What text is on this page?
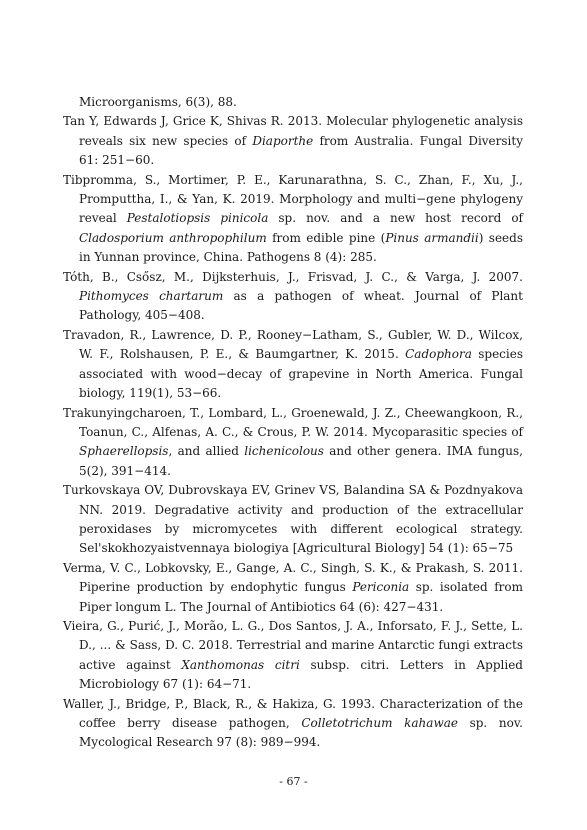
Microorganisms, 6(3), 88.

Tan Y, Edwards J, Grice K, Shivas R. 2013. Molecular phylogenetic analysis reveals six new species of Diaporthe from Australia. Fungal Diversity 61: 251−60.

Tibpromma, S., Mortimer, P. E., Karunarathna, S. C., Zhan, F., Xu, J., Promputtha, I., & Yan, K. 2019. Morphology and multi−gene phylogeny reveal Pestalotiopsis pinicola sp. nov. and a new host record of Cladosporium anthropophilum from edible pine (Pinus armandii) seeds in Yunnan province, China. Pathogens 8 (4): 285.

Tóth, B., Csősz, M., Dijksterhuis, J., Frisvad, J. C., & Varga, J. 2007. Pithomyces chartarum as a pathogen of wheat. Journal of Plant Pathology, 405−408.

Travadon, R., Lawrence, D. P., Rooney−Latham, S., Gubler, W. D., Wilcox, W. F., Rolshausen, P. E., & Baumgartner, K. 2015. Cadophora species associated with wood−decay of grapevine in North America. Fungal biology, 119(1), 53−66.

Trakunyingcharoen, T., Lombard, L., Groenewald, J. Z., Cheewangkoon, R., Toanun, C., Alfenas, A. C., & Crous, P. W. 2014. Mycoparasitic species of Sphaerellopsis, and allied lichenicolous and other genera. IMA fungus, 5(2), 391−414.

Turkovskaya OV, Dubrovskaya EV, Grinev VS, Balandina SA & Pozdnyakova NN. 2019. Degradative activity and production of the extracellular peroxidases by micromycetes with different ecological strategy. Sel'skokhozyaistvennaya biologiya [Agricultural Biology] 54 (1): 65−75

Verma, V. C., Lobkovsky, E., Gange, A. C., Singh, S. K., & Prakash, S. 2011. Piperine production by endophytic fungus Periconia sp. isolated from Piper longum L. The Journal of Antibiotics 64 (6): 427−431.

Vieira, G., Purić, J., Morão, L. G., Dos Santos, J. A., Inforsato, F. J., Sette, L. D., ... & Sass, D. C. 2018. Terrestrial and marine Antarctic fungi extracts active against Xanthomonas citri subsp. citri. Letters in Applied Microbiology 67 (1): 64−71.

Waller, J., Bridge, P., Black, R., & Hakiza, G. 1993. Characterization of the coffee berry disease pathogen, Colletotrichum kahawae sp. nov. Mycological Research 97 (8): 989−994.

- 67 -
